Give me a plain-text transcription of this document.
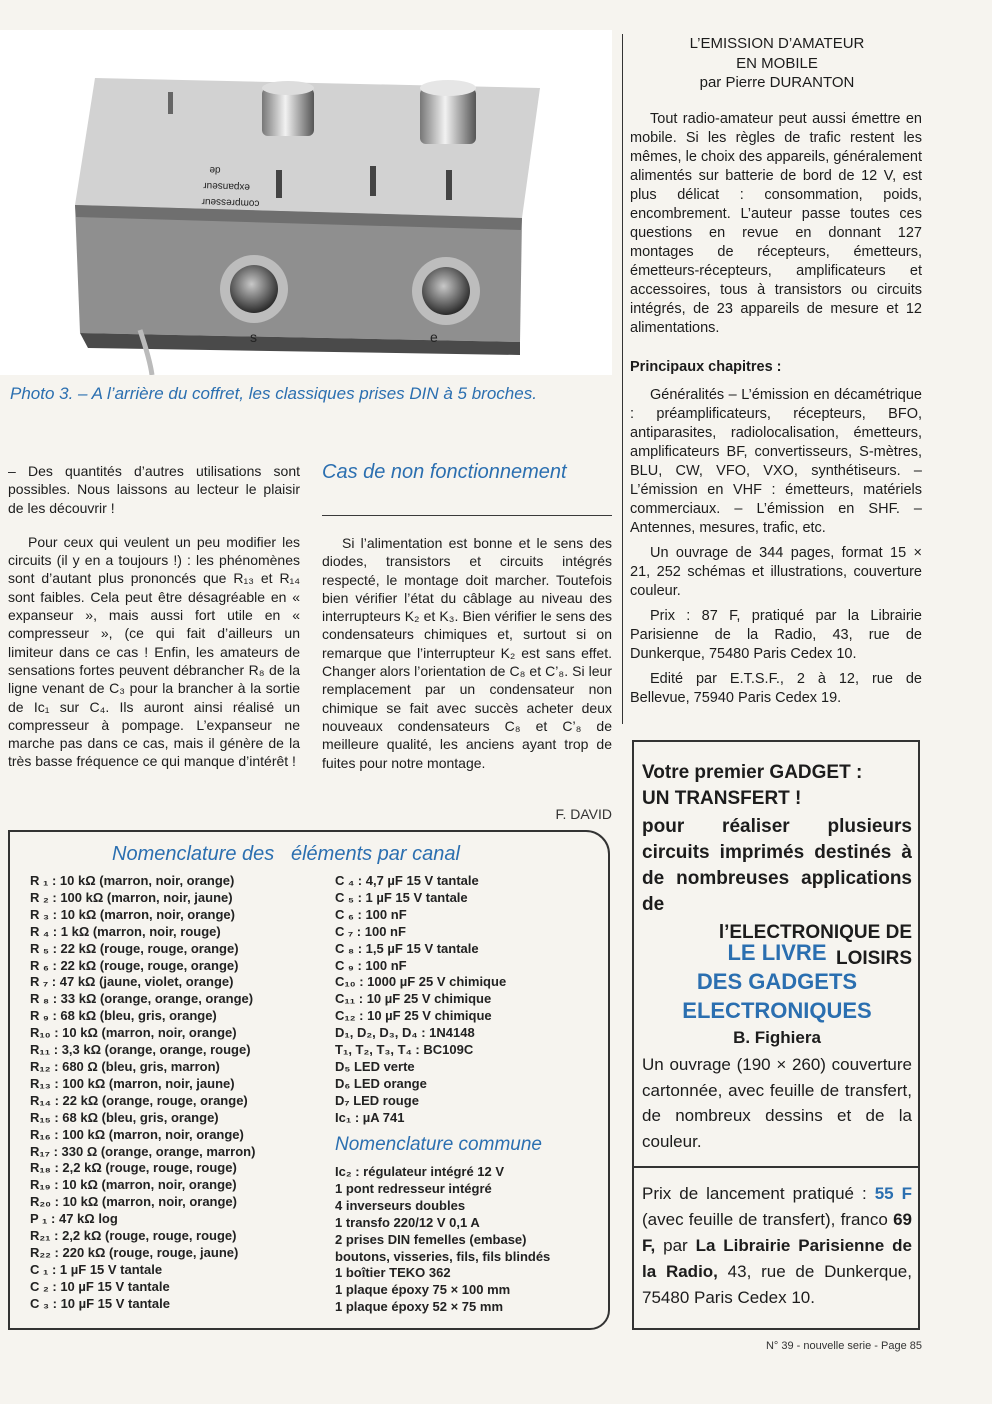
compresseur
expanseur
de
s	e

Photo 3. – A l’arrière du coffret, les classiques prises DIN à 5 broches.

– Des quantités d’autres utilisations sont possibles. Nous laissons au lecteur le plaisir de les découvrir !

Pour ceux qui veulent un peu modifier les circuits (il y en a toujours !) : les phénomènes sont d’autant plus prononcés que R₁₃ et R₁₄ sont faibles. Cela peut être désagréable en « expanseur », mais aussi fort utile en « compresseur », (ce qui fait d’ailleurs un limiteur dans ce cas ! Enfin, les amateurs de sensations fortes peuvent débrancher R₈ de la ligne venant de C₃ pour la brancher à la sortie de Ic₁ sur C₄. Ils auront ainsi réalisé un compresseur à pompage. L’expanseur ne marche pas dans ce cas, mais il génère de la très basse fréquence ce qui manque d’intérêt !

Cas de non fonctionnement

Si l’alimentation est bonne et le sens des diodes, transistors et circuits intégrés respecté, le montage doit marcher. Toutefois bien vérifier l’état du câblage au niveau des interrupteurs K₂ et K₃. Bien vérifier le sens des condensateurs chimiques et, surtout si on remarque que l’interrupteur K₂ est sans effet. Changer alors l’orientation de C₈ et C’₈. Si leur remplacement par un condensateur non chimique se fait avec succès acheter deux nouveaux condensateurs C₈ et C’₈ de meilleure qualité, les anciens ayant trop de fuites pour notre montage.

F. DAVID
L’EMISSION D’AMATEUR
EN MOBILE
par Pierre DURANTON

Tout radio-amateur peut aussi émettre en mobile. Si les règles de trafic restent les mêmes, le choix des appareils, généralement alimentés sur batterie de bord de 12 V, est plus délicat : consommation, poids, encombrement. L’auteur passe toutes ces questions en revue en donnant 127 montages de récepteurs, émetteurs, émetteurs-récepteurs, amplificateurs et accessoires, tous à transistors ou circuits intégrés, de 23 appareils de mesure et 12 alimentations.

Principaux chapitres :

Généralités – L’émission en décamétrique : préamplificateurs, récepteurs, BFO, antiparasites, radiolocalisation, émetteurs, amplificateurs BF, convertisseurs, S-mètres, BLU, CW, VFO, VXO, synthétiseurs. – L’émission en VHF : émetteurs, matériels commerciaux. – L’émission en SHF. – Antennes, mesures, trafic, etc.

Un ouvrage de 344 pages, format 15 × 21, 252 schémas et illustrations, couverture couleur.

Prix : 87 F, pratiqué par la Librairie Parisienne de la Radio, 43, rue de Dunkerque, 75480 Paris Cedex 10.

Edité par E.T.S.F., 2 à 12, rue de Bellevue, 75940 Paris Cedex 19.

Votre premier GADGET :
UN TRANSFERT !
pour réaliser plusieurs circuits imprimés destinés à de nombreuses applications de
l’ELECTRONIQUE DE LOISIRS
LE LIVRE
DES GADGETS
ELECTRONIQUES
B. Fighiera
Un ouvrage (190 × 260) couverture cartonnée, avec feuille de transfert, de nombreux dessins et de la couleur.
Prix de lancement pratiqué : 55 F (avec feuille de transfert), franco 69 F, par La Librairie Parisienne de la Radio, 43, rue de Dunkerque, 75480 Paris Cedex 10.
Nomenclature des   éléments par canal
R ₁ : 10 kΩ (marron, noir, orange)
R ₂ : 100 kΩ (marron, noir, jaune)
R ₃ : 10 kΩ (marron, noir, orange)
R ₄ : 1 kΩ (marron, noir, rouge)
R ₅ : 22 kΩ (rouge, rouge, orange)
R ₆ : 22 kΩ (rouge, rouge, orange)
R ₇ : 47 kΩ (jaune, violet, orange)
R ₈ : 33 kΩ (orange, orange, orange)
R ₉ : 68 kΩ (bleu, gris, orange)
R₁₀ : 10 kΩ (marron, noir, orange)
R₁₁ : 3,3 kΩ (orange, orange, rouge)
R₁₂ : 680 Ω (bleu, gris, marron)
R₁₃ : 100 kΩ (marron, noir, jaune)
R₁₄ : 22 kΩ (orange, rouge, orange)
R₁₅ : 68 kΩ (bleu, gris, orange)
R₁₆ : 100 kΩ (marron, noir, orange)
R₁₇ : 330 Ω (orange, orange, marron)
R₁₈ : 2,2 kΩ (rouge, rouge, rouge)
R₁₉ : 10 kΩ (marron, noir, orange)
R₂₀ : 10 kΩ (marron, noir, orange)
P ₁ : 47 kΩ log
R₂₁ : 2,2 kΩ (rouge, rouge, rouge)
R₂₂ : 220 kΩ (rouge, rouge, jaune)
C ₁ : 1 µF 15 V tantale
C ₂ : 10 µF 15 V tantale
C ₃ : 10 µF 15 V tantale
C ₄ : 4,7 µF 15 V tantale
C ₅ : 1 µF 15 V tantale
C ₆ : 100 nF
C ₇ : 100 nF
C ₈ : 1,5 µF 15 V tantale
C ₉ : 100 nF
C₁₀ : 1000 µF 25 V chimique
C₁₁ : 10 µF 25 V chimique
C₁₂ : 10 µF 25 V chimique
D₁, D₂, D₃, D₄ : 1N4148
T₁, T₂, T₃, T₄ : BC109C
D₅ LED verte
D₆ LED orange
D₇ LED rouge
Ic₁ : µA 741
Nomenclature commune
Ic₂ : régulateur intégré 12 V
1 pont redresseur intégré
4 inverseurs doubles
1 transfo 220/12 V 0,1 A
2 prises DIN femelles (embase)
boutons, visseries, fils, fils blindés
1 boîtier TEKO 362
1 plaque époxy 75 × 100 mm
1 plaque époxy 52 × 75 mm
N° 39 - nouvelle serie - Page 85
